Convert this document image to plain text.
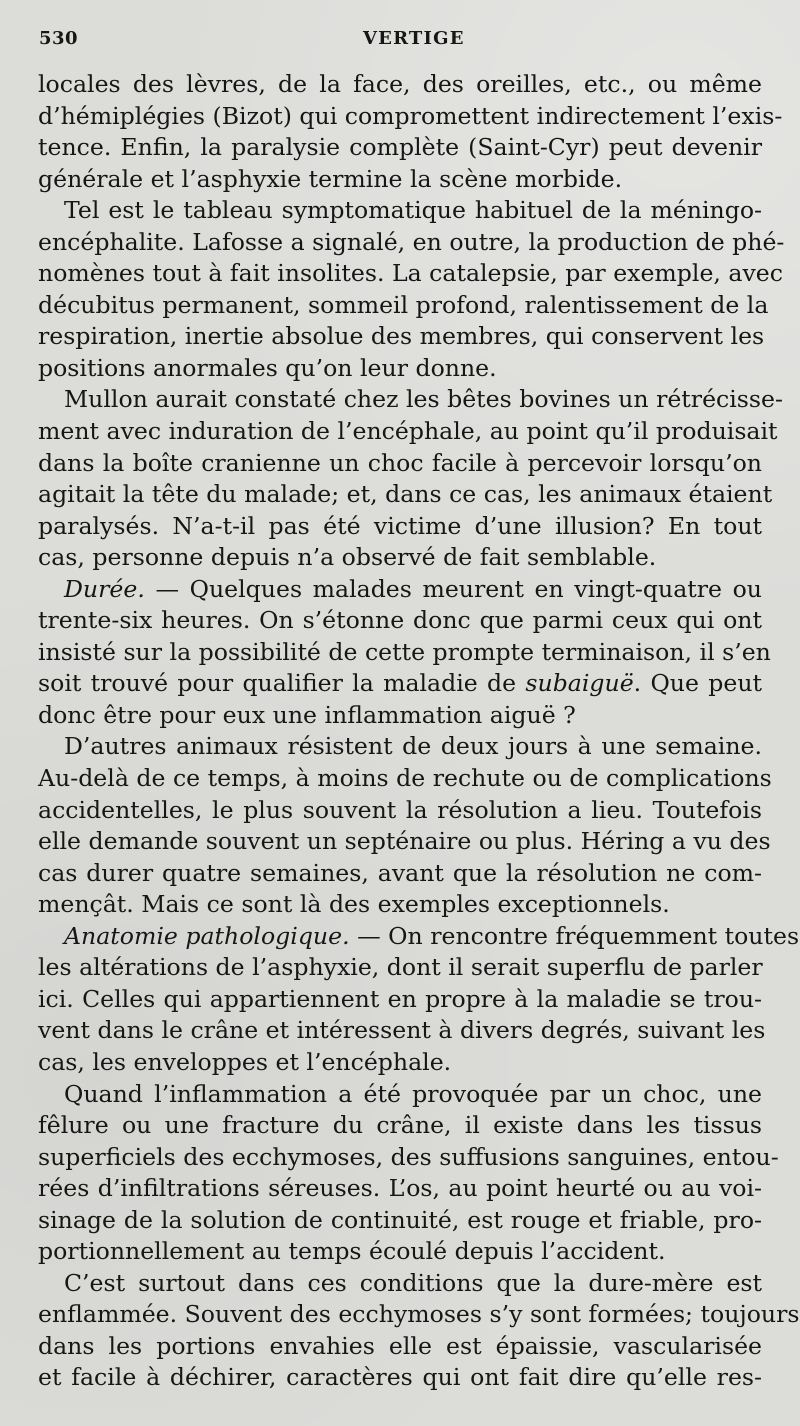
530	VERTIGE
locales des lèvres, de la face, des oreilles, etc., ou même
d’hémiplégies (Bizot) qui compromettent indirectement l’exis-
tence. Enfin, la paralysie complète (Saint-Cyr) peut devenir
générale et l’asphyxie termine la scène morbide.
Tel est le tableau symptomatique habituel de la méningo-
encéphalite. Lafosse a signalé, en outre, la production de phé-
nomènes tout à fait insolites. La catalepsie, par exemple, avec
décubitus permanent, sommeil profond, ralentissement de la
respiration, inertie absolue des membres, qui conservent les
positions anormales qu’on leur donne.
Mullon aurait constaté chez les bêtes bovines un rétrécisse-
ment avec induration de l’encéphale, au point qu’il produisait
dans la boîte cranienne un choc facile à percevoir lorsqu’on
agitait la tête du malade; et, dans ce cas, les animaux étaient
paralysés. N’a-t-il pas été victime d’une illusion? En tout
cas, personne depuis n’a observé de fait semblable.
Durée. — Quelques malades meurent en vingt-quatre ou
trente-six heures. On s’étonne donc que parmi ceux qui ont
insisté sur la possibilité de cette prompte terminaison, il s’en
soit trouvé pour qualifier la maladie de subaiguë. Que peut
donc être pour eux une inflammation aiguë ?
D’autres animaux résistent de deux jours à une semaine.
Au-delà de ce temps, à moins de rechute ou de complications
accidentelles, le plus souvent la résolution a lieu. Toutefois
elle demande souvent un septénaire ou plus. Héring a vu des
cas durer quatre semaines, avant que la résolution ne com-
mençât. Mais ce sont là des exemples exceptionnels.
Anatomie pathologique. — On rencontre fréquemment toutes
les altérations de l’asphyxie, dont il serait superflu de parler
ici. Celles qui appartiennent en propre à la maladie se trou-
vent dans le crâne et intéressent à divers degrés, suivant les
cas, les enveloppes et l’encéphale.
Quand l’inflammation a été provoquée par un choc, une
fêlure ou une fracture du crâne, il existe dans les tissus
superficiels des ecchymoses, des suffusions sanguines, entou-
rées d’infiltrations séreuses. L’os, au point heurté ou au voi-
sinage de la solution de continuité, est rouge et friable, pro-
portionnellement au temps écoulé depuis l’accident.
C’est surtout dans ces conditions que la dure-mère est
enflammée. Souvent des ecchymoses s’y sont formées; toujours
dans les portions envahies elle est épaissie, vascularisée
et facile à déchirer, caractères qui ont fait dire qu’elle res-
